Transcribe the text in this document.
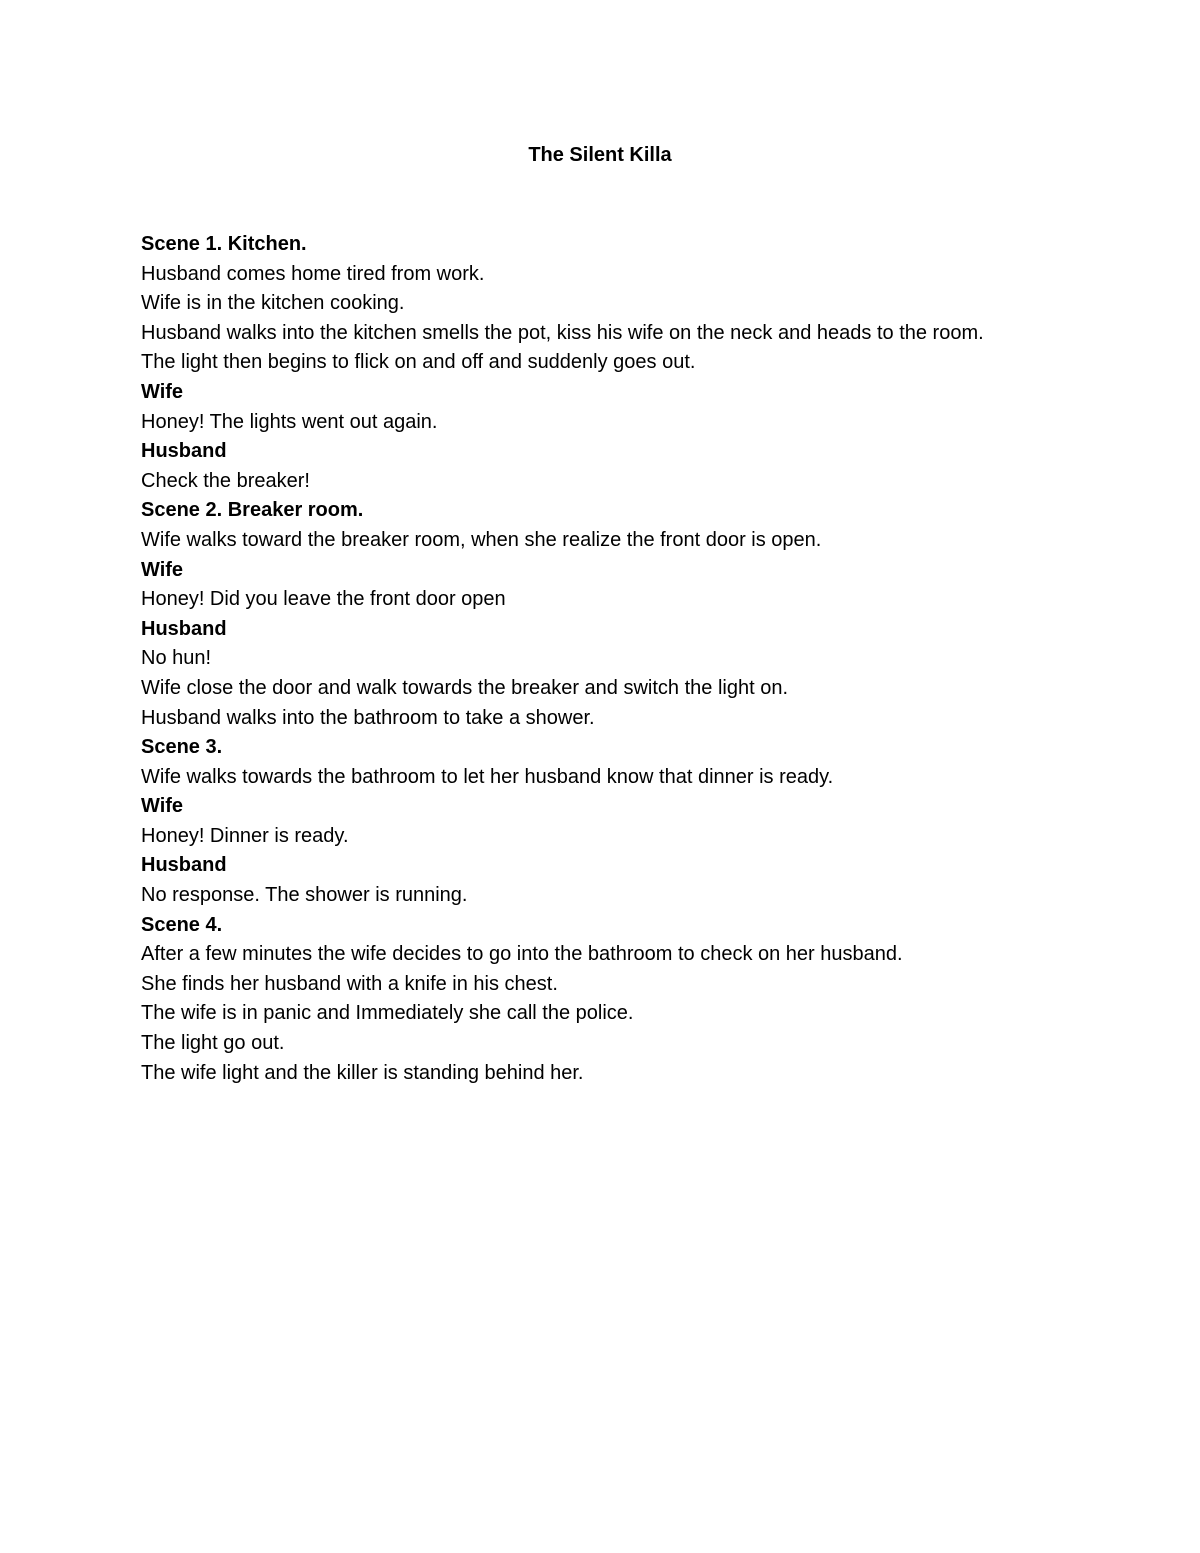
The Silent Killa
Scene 1. Kitchen.
Husband comes home tired from work.
Wife is in the kitchen cooking.
Husband walks into the kitchen smells the pot, kiss his wife on the neck and heads to the room.
The light then begins to flick on and off and suddenly goes out.
Wife
Honey! The lights went out again.
Husband
Check the breaker!
Scene 2. Breaker room.
Wife walks toward the breaker room, when she realize the front door is open.
Wife
Honey! Did you leave the front door open
Husband
No hun!
Wife close the door and walk towards the breaker and switch the light on.
Husband walks into the bathroom to take a shower.
Scene 3.
Wife walks towards the bathroom to let her husband know that dinner is ready.
Wife
Honey! Dinner is ready.
Husband
No response. The shower is running.
Scene 4.
After a few minutes the wife decides to go into the bathroom to check on her husband.
She finds her husband with a knife in his chest.
The wife is in panic and Immediately she call the police.
The light go out.
The wife light and the killer is standing behind her.
